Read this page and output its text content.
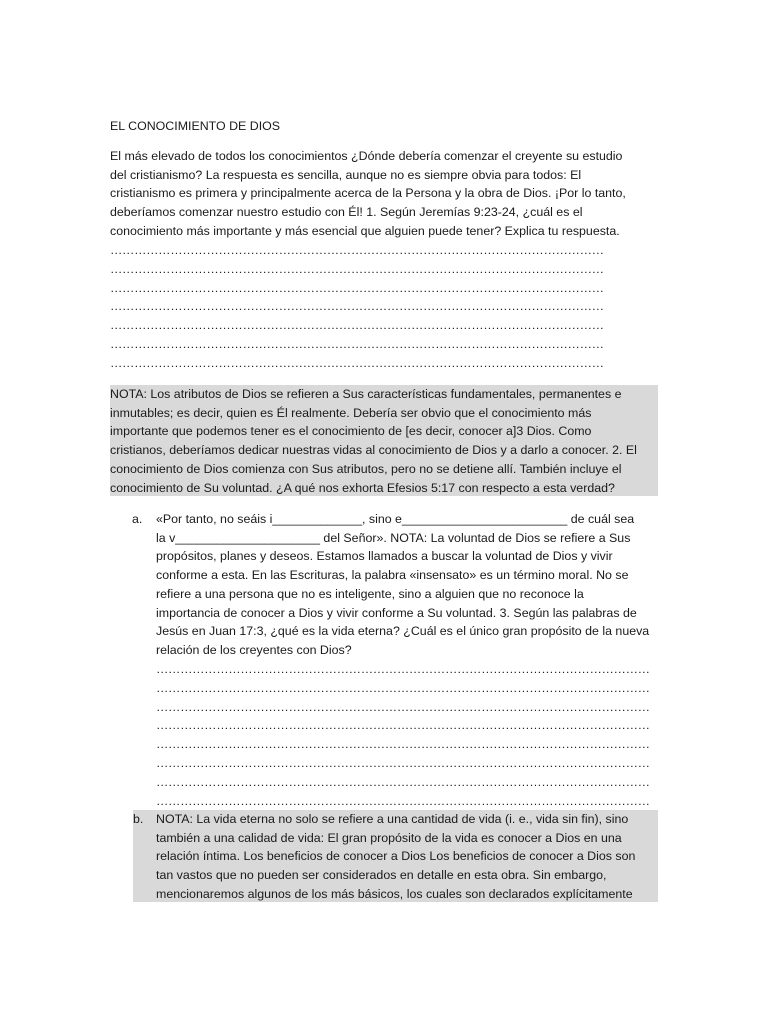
EL CONOCIMIENTO DE DIOS
El más elevado de todos los conocimientos ¿Dónde debería comenzar el creyente su estudio
del cristianismo? La respuesta es sencilla, aunque no es siempre obvia para todos: El
cristianismo es primera y principalmente acerca de la Persona y la obra de Dios. ¡Por lo tanto,
deberíamos comenzar nuestro estudio con Él! 1. Según Jeremías 9:23-24, ¿cuál es el
conocimiento más importante y más esencial que alguien puede tener? Explica tu respuesta.
……………………………………………………………………………………………………………
……………………………………………………………………………………………………………
……………………………………………………………………………………………………………
……………………………………………………………………………………………………………
……………………………………………………………………………………………………………
……………………………………………………………………………………………………………
……………………………………………………………………………………………………………
NOTA: Los atributos de Dios se refieren a Sus características fundamentales, permanentes e
inmutables; es decir, quien es Él realmente. Debería ser obvio que el conocimiento más
importante que podemos tener es el conocimiento de [es decir, conocer a]3 Dios. Como
cristianos, deberíamos dedicar nuestras vidas al conocimiento de Dios y a darlo a conocer. 2. El
conocimiento de Dios comienza con Sus atributos, pero no se detiene allí. También incluye el
conocimiento de Su voluntad. ¿A qué nos exhorta Efesios 5:17 con respecto a esta verdad?
a. «Por tanto, no seáis i_____________, sino e________________________ de cuál sea
la v_____________________ del Señor». NOTA: La voluntad de Dios se refiere a Sus
propósitos, planes y deseos. Estamos llamados a buscar la voluntad de Dios y vivir
conforme a esta. En las Escrituras, la palabra «insensato» es un término moral. No se
refiere a una persona que no es inteligente, sino a alguien que no reconoce la
importancia de conocer a Dios y vivir conforme a Su voluntad. 3. Según las palabras de
Jesús en Juan 17:3, ¿qué es la vida eterna? ¿Cuál es el único gran propósito de la nueva
relación de los creyentes con Dios?
……………………………………………………………………………………………………………
……………………………………………………………………………………………………………
……………………………………………………………………………………………………………
……………………………………………………………………………………………………………
……………………………………………………………………………………………………………
……………………………………………………………………………………………………………
……………………………………………………………………………………………………………
……………………………………………………………………………………………………………
b. NOTA: La vida eterna no solo se refiere a una cantidad de vida (i. e., vida sin fin), sino
también a una calidad de vida: El gran propósito de la vida es conocer a Dios en una
relación íntima. Los beneficios de conocer a Dios Los beneficios de conocer a Dios son
tan vastos que no pueden ser considerados en detalle en esta obra. Sin embargo,
mencionaremos algunos de los más básicos, los cuales son declarados explícitamente
